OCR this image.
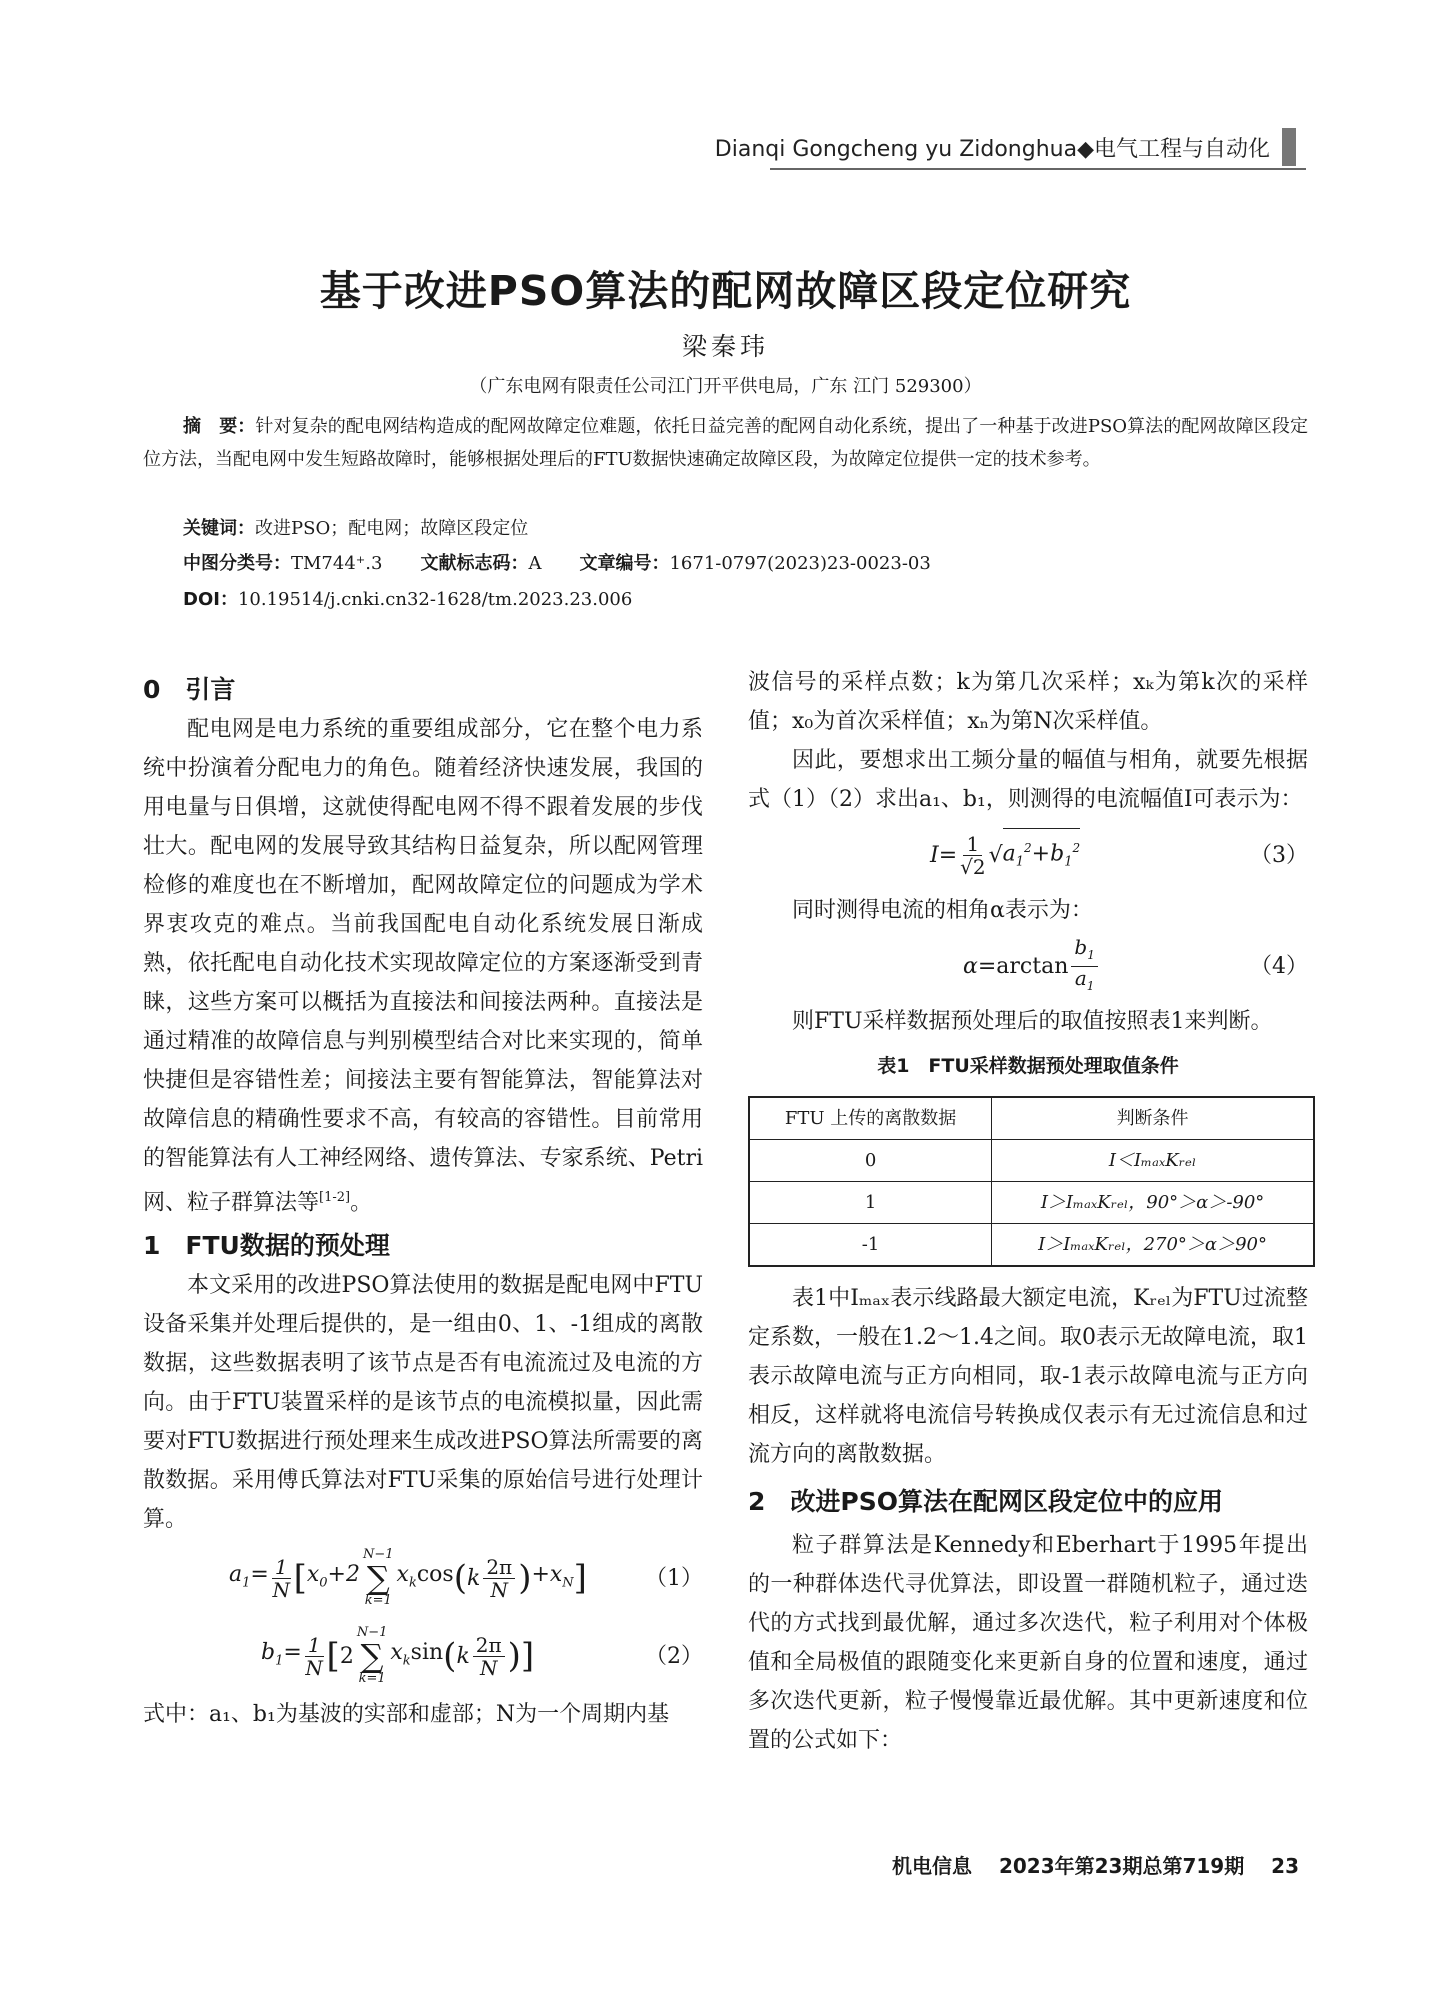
Dianqi Gongcheng yu Zidonghua◆电气工程与自动化
基于改进PSO算法的配网故障区段定位研究
梁秦玮
（广东电网有限责任公司江门开平供电局，广东 江门 529300）
摘　要：针对复杂的配电网结构造成的配网故障定位难题，依托日益完善的配网自动化系统，提出了一种基于改进PSO算法的配网故障区段定位方法，当配电网中发生短路故障时，能够根据处理后的FTU数据快速确定故障区段，为故障定位提供一定的技术参考。
关键词：改进PSO；配电网；故障区段定位
中图分类号：TM744⁺.3 文献标志码：A 文章编号：1671-0797(2023)23-0023-03
DOI：10.19514/j.cnki.cn32-1628/tm.2023.23.006
0　引言

配电网是电力系统的重要组成部分，它在整个电力系统中扮演着分配电力的角色。随着经济快速发展，我国的用电量与日俱增，这就使得配电网不得不跟着发展的步伐壮大。配电网的发展导致其结构日益复杂，所以配网管理检修的难度也在不断增加，配网故障定位的问题成为学术界衷攻克的难点。当前我国配电自动化系统发展日渐成熟，依托配电自动化技术实现故障定位的方案逐渐受到青睐，这些方案可以概括为直接法和间接法两种。直接法是通过精准的故障信息与判别模型结合对比来实现的，简单快捷但是容错性差；间接法主要有智能算法，智能算法对故障信息的精确性要求不高，有较高的容错性。目前常用的智能算法有人工神经网络、遗传算法、专家系统、Petri网、粒子群算法等[1-2]。

1　FTU数据的预处理

本文采用的改进PSO算法使用的数据是配电网中FTU设备采集并处理后提供的，是一组由0、1、-1组成的离散数据，这些数据表明了该节点是否有电流流过及电流的方向。由于FTU装置采样的是该节点的电流模拟量，因此需要对FTU数据进行预处理来生成改进PSO算法所需要的离散数据。采用傅氏算法对FTU采集的原始信号进行处理计算。

$a_1= \frac{1}{N}$ [ $x_0+2$
N−1
∑
k=1
$x_k\cos$ ( k $\frac{2\pi}{N}$ ) $+x_N$ ]	（1）
$b_1= \frac{1}{N}$ [ 2
N−1
∑
k=1
$x_k\sin$ ( k $\frac{2\pi}{N}$ ) ]	（2）

式中：a₁、b₁为基波的实部和虚部；N为一个周期内基

波信号的采样点数；k为第几次采样；xₖ为第k次的采样值；x₀为首次采样值；xₙ为第N次采样值。

因此，要想求出工频分量的幅值与相角，就要先根据式（1）（2）求出a₁、b₁，则测得的电流幅值I可表示为：

$I= \frac{1}{√2}$ √ $a_1^2+b_1^2$	（3）

同时测得电流的相角α表示为：

$\alpha=\arctan \frac{b_1}{a_1}$	（4）

则FTU采样数据预处理后的取值按照表1来判断。

表1　FTU采样数据预处理取值条件
FTU 上传的离散数据	判断条件
0	I＜IₘₐₓKᵣₑₗ
1	I＞IₘₐₓKᵣₑₗ，90°＞α＞-90°
-1	I＞IₘₐₓKᵣₑₗ，270°＞α＞90°

表1中Iₘₐₓ表示线路最大额定电流，Kᵣₑₗ为FTU过流整定系数，一般在1.2～1.4之间。取0表示无故障电流，取1表示故障电流与正方向相同，取-1表示故障电流与正方向相反，这样就将电流信号转换成仅表示有无过流信息和过流方向的离散数据。

2　改进PSO算法在配网区段定位中的应用

粒子群算法是Kennedy和Eberhart于1995年提出的一种群体迭代寻优算法，即设置一群随机粒子，通过迭代的方式找到最优解，通过多次迭代，粒子利用对个体极值和全局极值的跟随变化来更新自身的位置和速度，通过多次迭代更新，粒子慢慢靠近最优解。其中更新速度和位置的公式如下：

机电信息　 2023年第23期总第719期　 23
